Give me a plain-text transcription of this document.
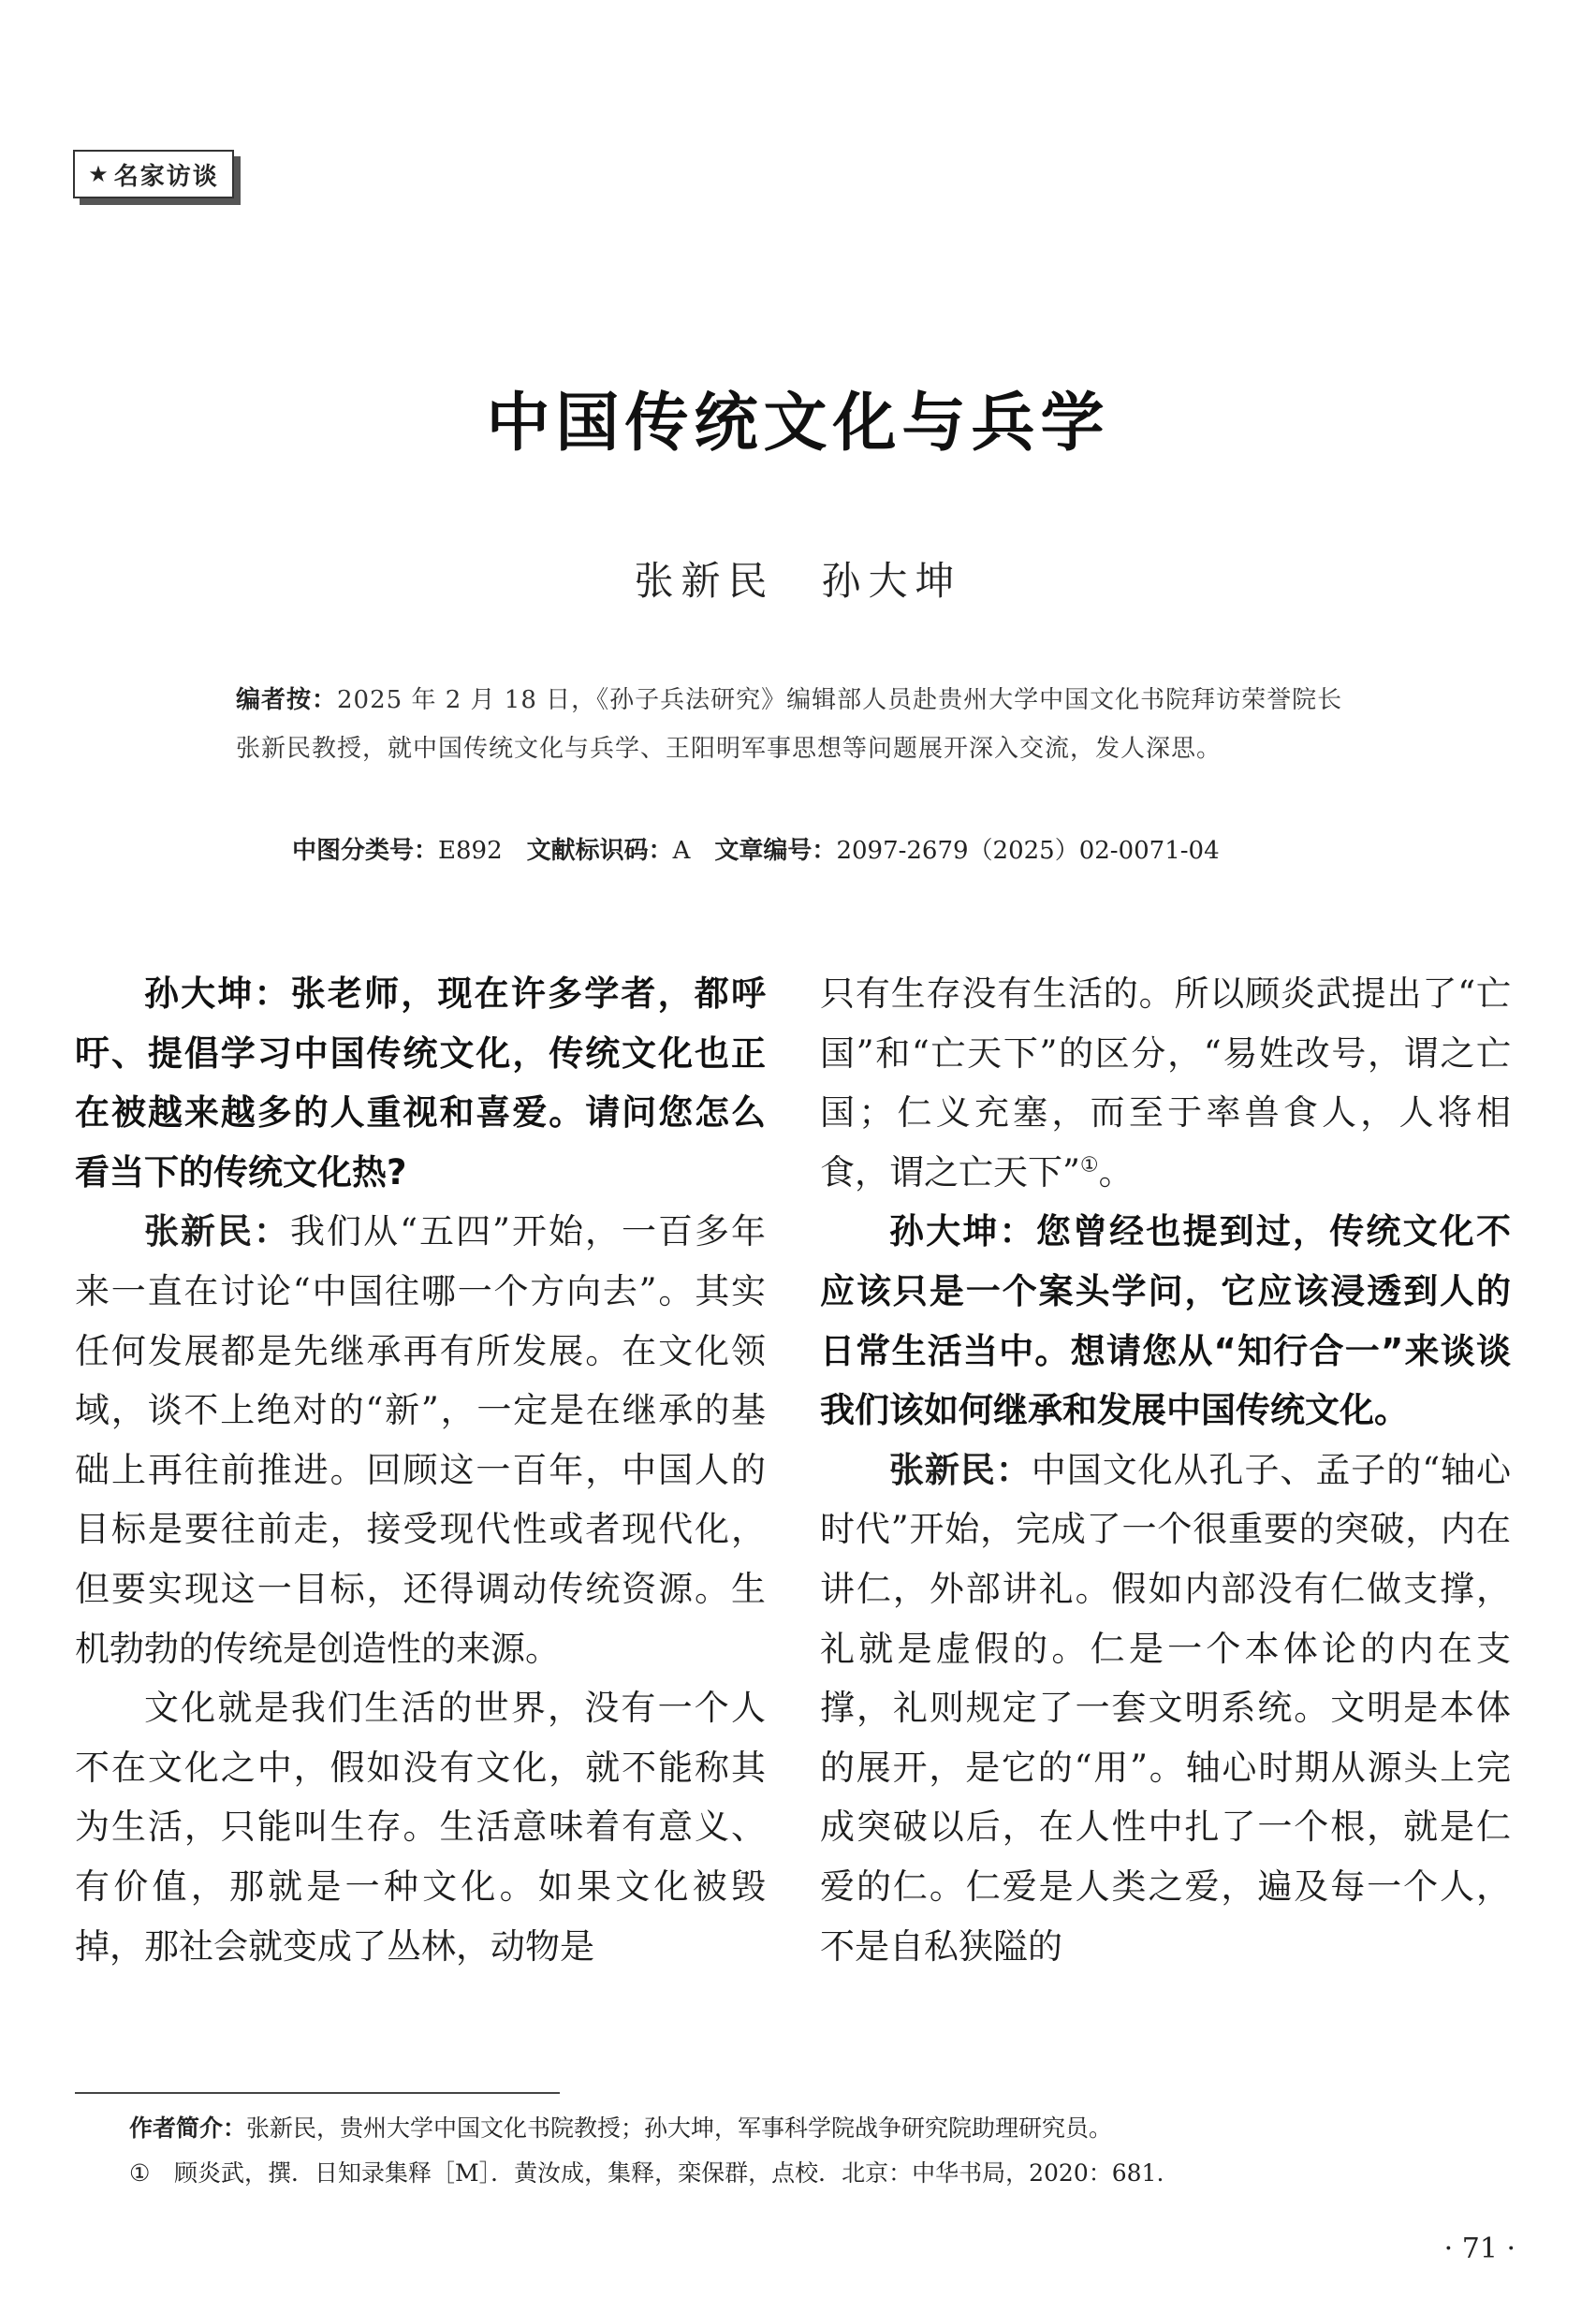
★ 名家访谈
中国传统文化与兵学
张新民　孙大坤
编者按：2025 年 2 月 18 日，《孙子兵法研究》编辑部人员赴贵州大学中国文化书院拜访荣誉院长张新民教授，就中国传统文化与兵学、王阳明军事思想等问题展开深入交流，发人深思。
中图分类号：E892 文献标识码：A 文章编号：2097-2679（2025）02-0071-04

孙大坤：张老师，现在许多学者，都呼吁、提倡学习中国传统文化，传统文化也正在被越来越多的人重视和喜爱。请问您怎么看当下的传统文化热?

张新民：我们从“五四”开始，一百多年来一直在讨论“中国往哪一个方向去”。其实任何发展都是先继承再有所发展。在文化领域，谈不上绝对的“新”，一定是在继承的基础上再往前推进。回顾这一百年，中国人的目标是要往前走，接受现代性或者现代化，但要实现这一目标，还得调动传统资源。生机勃勃的传统是创造性的来源。

文化就是我们生活的世界，没有一个人不在文化之中，假如没有文化，就不能称其为生活，只能叫生存。生活意味着有意义、有价值，那就是一种文化。如果文化被毁掉，那社会就变成了丛林，动物是

只有生存没有生活的。所以顾炎武提出了“亡国”和“亡天下”的区分，“易姓改号，谓之亡国；仁义充塞，而至于率兽食人，人将相食，谓之亡天下”①。

孙大坤：您曾经也提到过，传统文化不应该只是一个案头学问，它应该浸透到人的日常生活当中。想请您从“知行合一”来谈谈我们该如何继承和发展中国传统文化。

张新民：中国文化从孔子、孟子的“轴心时代”开始，完成了一个很重要的突破，内在讲仁，外部讲礼。假如内部没有仁做支撑，礼就是虚假的。仁是一个本体论的内在支撑，礼则规定了一套文明系统。文明是本体的展开，是它的“用”。轴心时期从源头上完成突破以后，在人性中扎了一个根，就是仁爱的仁。仁爱是人类之爱，遍及每一个人，不是自私狭隘的

作者简介：张新民，贵州大学中国文化书院教授；孙大坤，军事科学院战争研究院助理研究员。
① 顾炎武，撰．日知录集释［M］．黄汝成，集释，栾保群，点校．北京：中华书局，2020：681.
· 71 ·
